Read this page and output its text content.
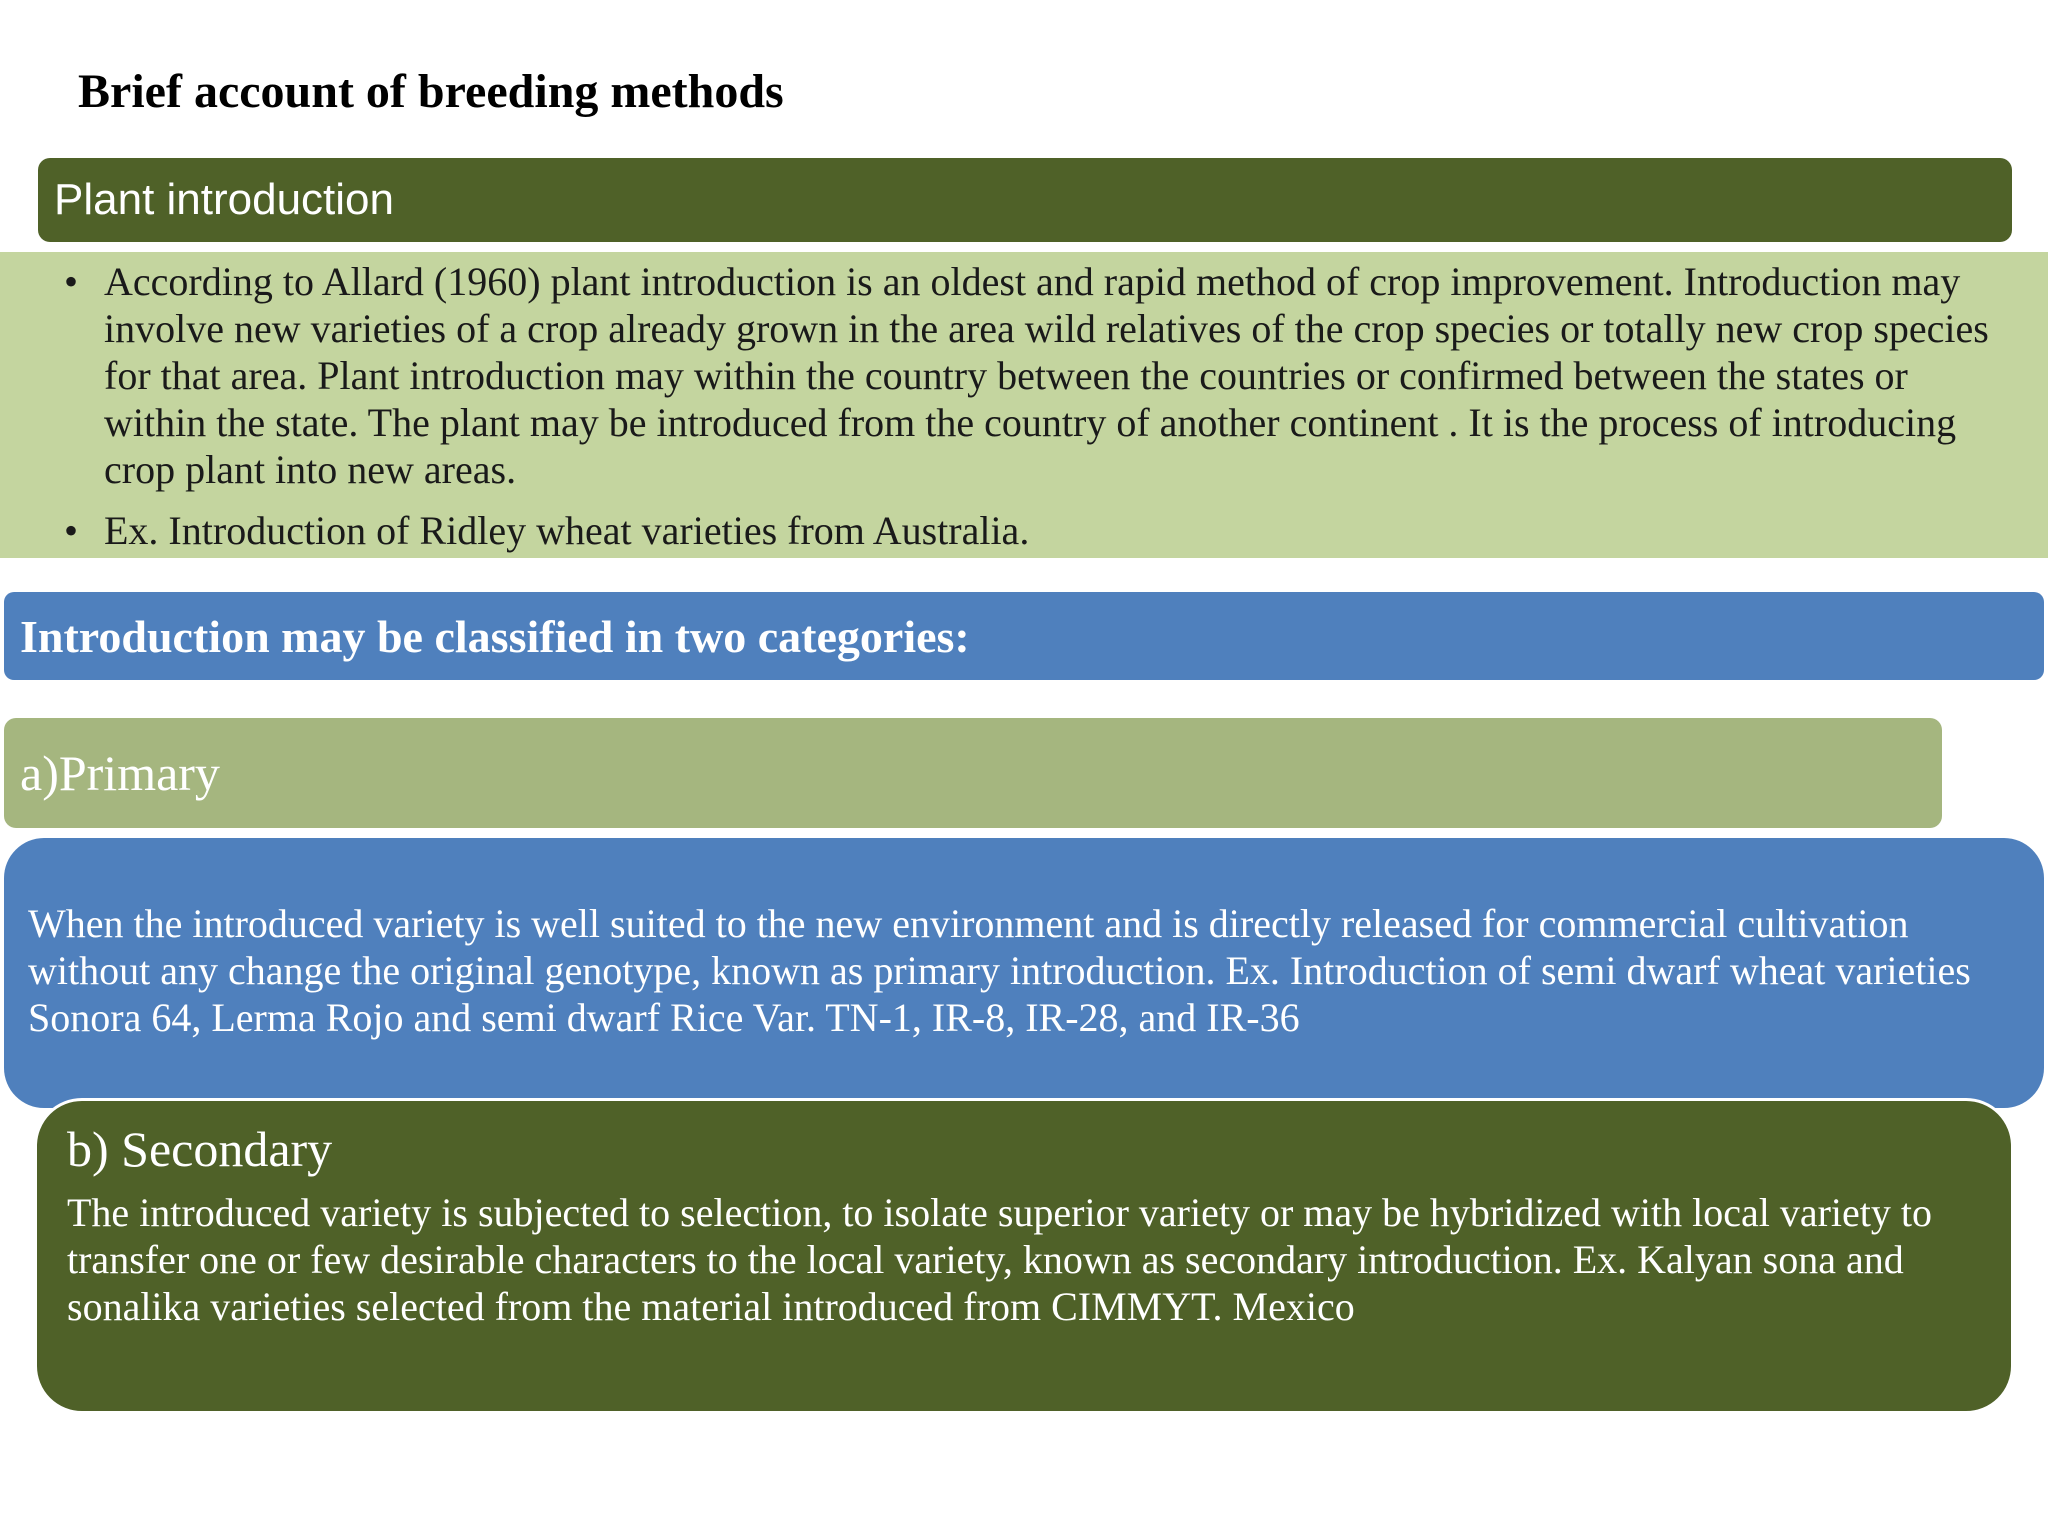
Brief account of breeding methods
Plant introduction
• According to Allard (1960) plant introduction is an oldest and rapid method of crop improvement. Introduction may involve new varieties of a crop already grown in the area wild relatives of the crop species or totally new crop species for that area. Plant introduction may within the country between the countries or confirmed between the states or within the state. The plant may be introduced from the country of another continent . It is the process of introducing crop plant into new areas.
• Ex. Introduction of Ridley wheat varieties from Australia.
Introduction may be classified in two categories:
a)Primary
When the introduced variety is well suited to the new environment and is directly released for commercial cultivation without any change the original genotype, known as primary introduction. Ex. Introduction of semi dwarf wheat varieties Sonora 64, Lerma Rojo and semi dwarf Rice Var. TN-1, IR-8, IR-28, and IR-36
b) Secondary
The introduced variety is subjected to selection, to isolate superior variety or may be hybridized with local variety to transfer one or few desirable characters to the local variety, known as secondary introduction. Ex. Kalyan sona and sonalika varieties selected from the material introduced from CIMMYT. Mexico
